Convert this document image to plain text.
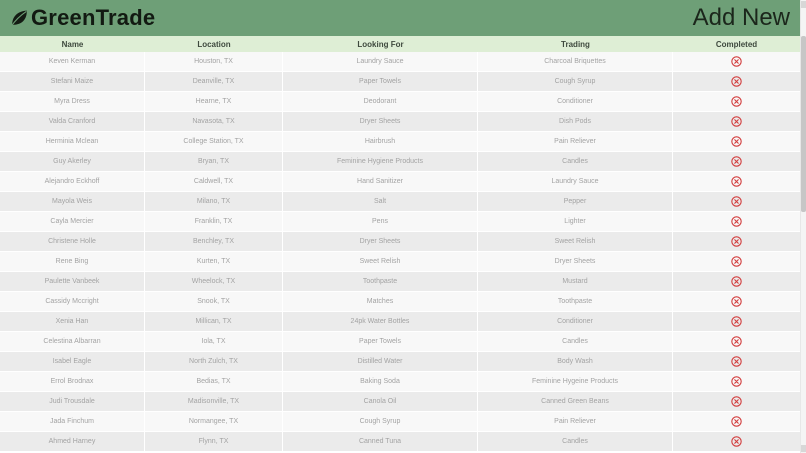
GreenTrade	Add New
Name	Location	Looking For	Trading	Completed
Keven Kerman	Houston, TX	Laundry Sauce	Charcoal Briquettes
Stefani Maize	Deanville, TX	Paper Towels	Cough Syrup
Myra Dress	Hearne, TX	Deodorant	Conditioner
Valda Cranford	Navasota, TX	Dryer Sheets	Dish Pods
Herminia Mclean	College Station, TX	Hairbrush	Pain Reliever
Guy Akerley	Bryan, TX	Feminine Hygiene Products	Candles
Alejandro Eckhoff	Caldwell, TX	Hand Sanitizer	Laundry Sauce
Mayola Weis	Milano, TX	Salt	Pepper
Cayla Mercier	Franklin, TX	Pens	Lighter
Christene Holle	Benchley, TX	Dryer Sheets	Sweet Relish
Rene Bing	Kurten, TX	Sweet Relish	Dryer Sheets
Paulette Vanbeek	Wheelock, TX	Toothpaste	Mustard
Cassidy Mccright	Snook, TX	Matches	Toothpaste
Xenia Han	Millican, TX	24pk Water Bottles	Conditioner
Celestina Albarran	Iola, TX	Paper Towels	Candles
Isabel Eagle	North Zulch, TX	Distilled Water	Body Wash
Errol Brodnax	Bedias, TX	Baking Soda	Feminine Hygeine Products
Judi Trousdale	Madisonville, TX	Canola Oil	Canned Green Beans
Jada Finchum	Normangee, TX	Cough Syrup	Pain Reliever
Ahmed Harney	Flynn, TX	Canned Tuna	Candles
